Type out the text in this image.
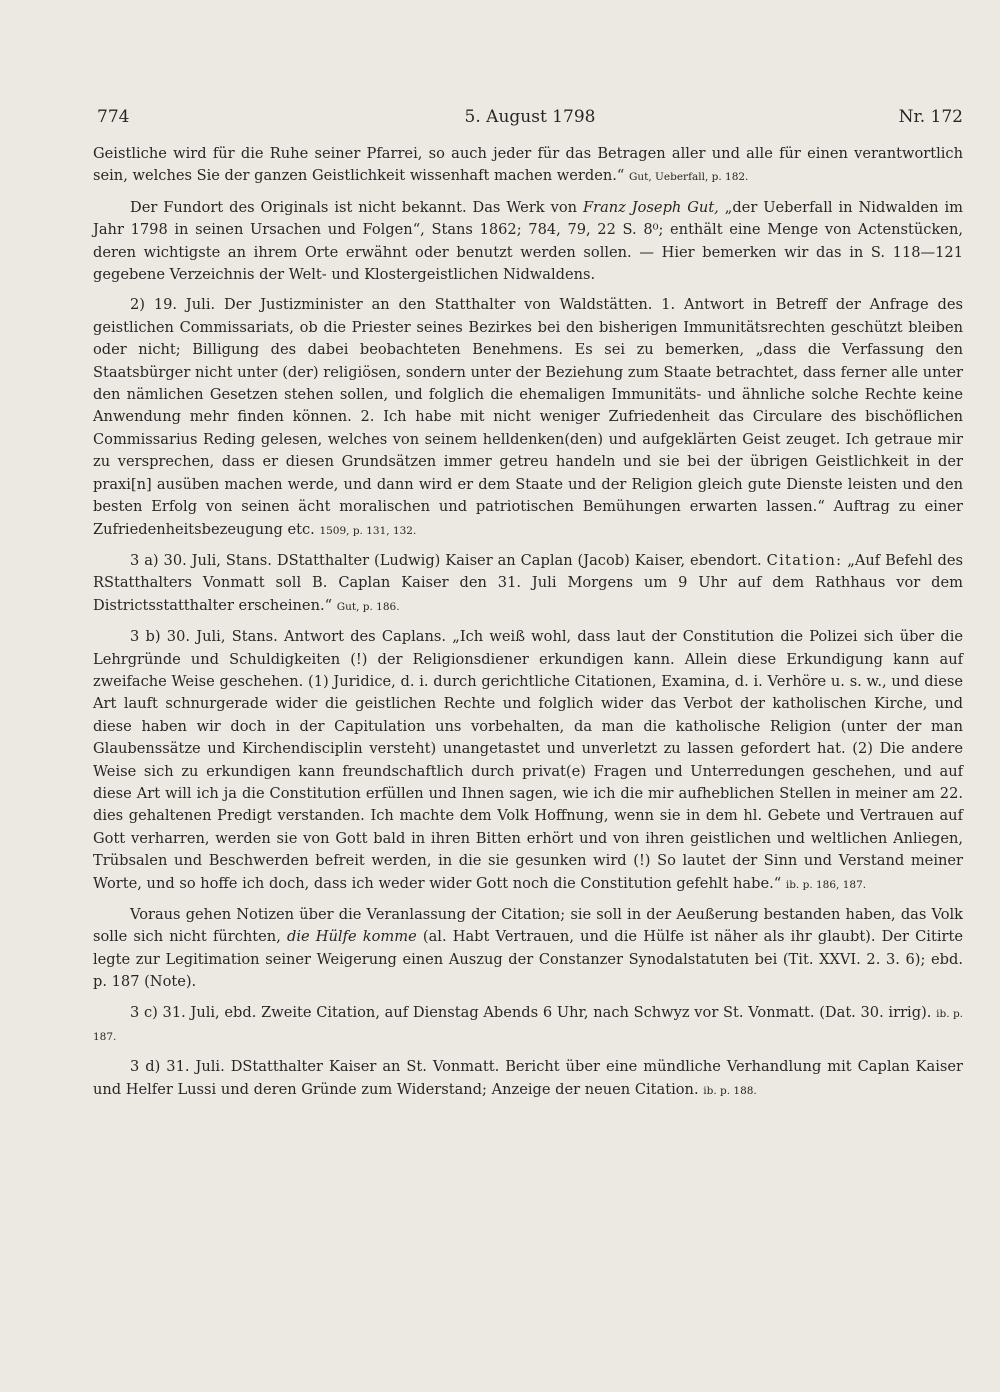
774	5. August 1798	Nr. 172

Geistliche wird für die Ruhe seiner Pfarrei, so auch jeder für das Betragen aller und alle für einen verantwortlich sein, welches Sie der ganzen Geistlichkeit wissenhaft machen werden.“ Gut, Ueberfall, p. 182.

Der Fundort des Originals ist nicht bekannt. Das Werk von Franz Joseph Gut, „der Ueberfall in Nidwalden im Jahr 1798 in seinen Ursachen und Folgen“, Stans 1862; 784, 79, 22 S. 8⁰; enthält eine Menge von Actenstücken, deren wichtigste an ihrem Orte erwähnt oder benutzt werden sollen. — Hier bemerken wir das in S. 118—121 gegebene Verzeichnis der Welt- und Klostergeistlichen Nidwaldens.

2) 19. Juli. Der Justizminister an den Statthalter von Waldstätten. 1. Antwort in Betreff der Anfrage des geistlichen Commissariats, ob die Priester seines Bezirkes bei den bisherigen Immunitätsrechten geschützt bleiben oder nicht; Billigung des dabei beobachteten Benehmens. Es sei zu bemerken, „dass die Verfassung den Staatsbürger nicht unter (der) religiösen, sondern unter der Beziehung zum Staate betrachtet, dass ferner alle unter den nämlichen Gesetzen stehen sollen, und folglich die ehemaligen Immunitäts- und ähnliche solche Rechte keine Anwendung mehr finden können. 2. Ich habe mit nicht weniger Zufriedenheit das Circulare des bischöflichen Commissarius Reding gelesen, welches von seinem helldenken(den) und aufgeklärten Geist zeuget. Ich getraue mir zu versprechen, dass er diesen Grundsätzen immer getreu handeln und sie bei der übrigen Geistlichkeit in der praxi[n] ausüben machen werde, und dann wird er dem Staate und der Religion gleich gute Dienste leisten und den besten Erfolg von seinen ächt moralischen und patriotischen Bemühungen erwarten lassen.“ Auftrag zu einer Zufriedenheitsbezeugung etc. 1509, p. 131, 132.

3 a) 30. Juli, Stans. DStatthalter (Ludwig) Kaiser an Caplan (Jacob) Kaiser, ebendort. Citation: „Auf Befehl des RStatthalters Vonmatt soll B. Caplan Kaiser den 31. Juli Morgens um 9 Uhr auf dem Rathhaus vor dem Districtsstatthalter erscheinen.“ Gut, p. 186.

3 b) 30. Juli, Stans. Antwort des Caplans. „Ich weiß wohl, dass laut der Constitution die Polizei sich über die Lehrgründe und Schuldigkeiten (!) der Religionsdiener erkundigen kann. Allein diese Erkundigung kann auf zweifache Weise geschehen. (1) Juridice, d. i. durch gerichtliche Citationen, Examina, d. i. Verhöre u. s. w., und diese Art lauft schnurgerade wider die geistlichen Rechte und folglich wider das Verbot der katholischen Kirche, und diese haben wir doch in der Capitulation uns vorbehalten, da man die katholische Religion (unter der man Glaubenssätze und Kirchendisciplin versteht) unangetastet und unverletzt zu lassen gefordert hat. (2) Die andere Weise sich zu erkundigen kann freundschaftlich durch privat(e) Fragen und Unterredungen geschehen, und auf diese Art will ich ja die Constitution erfüllen und Ihnen sagen, wie ich die mir aufheblichen Stellen in meiner am 22. dies gehaltenen Predigt verstanden. Ich machte dem Volk Hoffnung, wenn sie in dem hl. Gebete und Vertrauen auf Gott verharren, werden sie von Gott bald in ihren Bitten erhört und von ihren geistlichen und weltlichen Anliegen, Trübsalen und Beschwerden befreit werden, in die sie gesunken wird (!) So lautet der Sinn und Verstand meiner Worte, und so hoffe ich doch, dass ich weder wider Gott noch die Constitution gefehlt habe.“ ib. p. 186, 187.

Voraus gehen Notizen über die Veranlassung der Citation; sie soll in der Aeußerung bestanden haben, das Volk solle sich nicht fürchten, die Hülfe komme (al. Habt Vertrauen, und die Hülfe ist näher als ihr glaubt). Der Citirte legte zur Legitimation seiner Weigerung einen Auszug der Constanzer Synodalstatuten bei (Tit. XXVI. 2. 3. 6); ebd. p. 187 (Note).

3 c) 31. Juli, ebd. Zweite Citation, auf Dienstag Abends 6 Uhr, nach Schwyz vor St. Vonmatt. (Dat. 30. irrig). ib. p. 187.

3 d) 31. Juli. DStatthalter Kaiser an St. Vonmatt. Bericht über eine mündliche Verhandlung mit Caplan Kaiser und Helfer Lussi und deren Gründe zum Widerstand; Anzeige der neuen Citation. ib. p. 188.
